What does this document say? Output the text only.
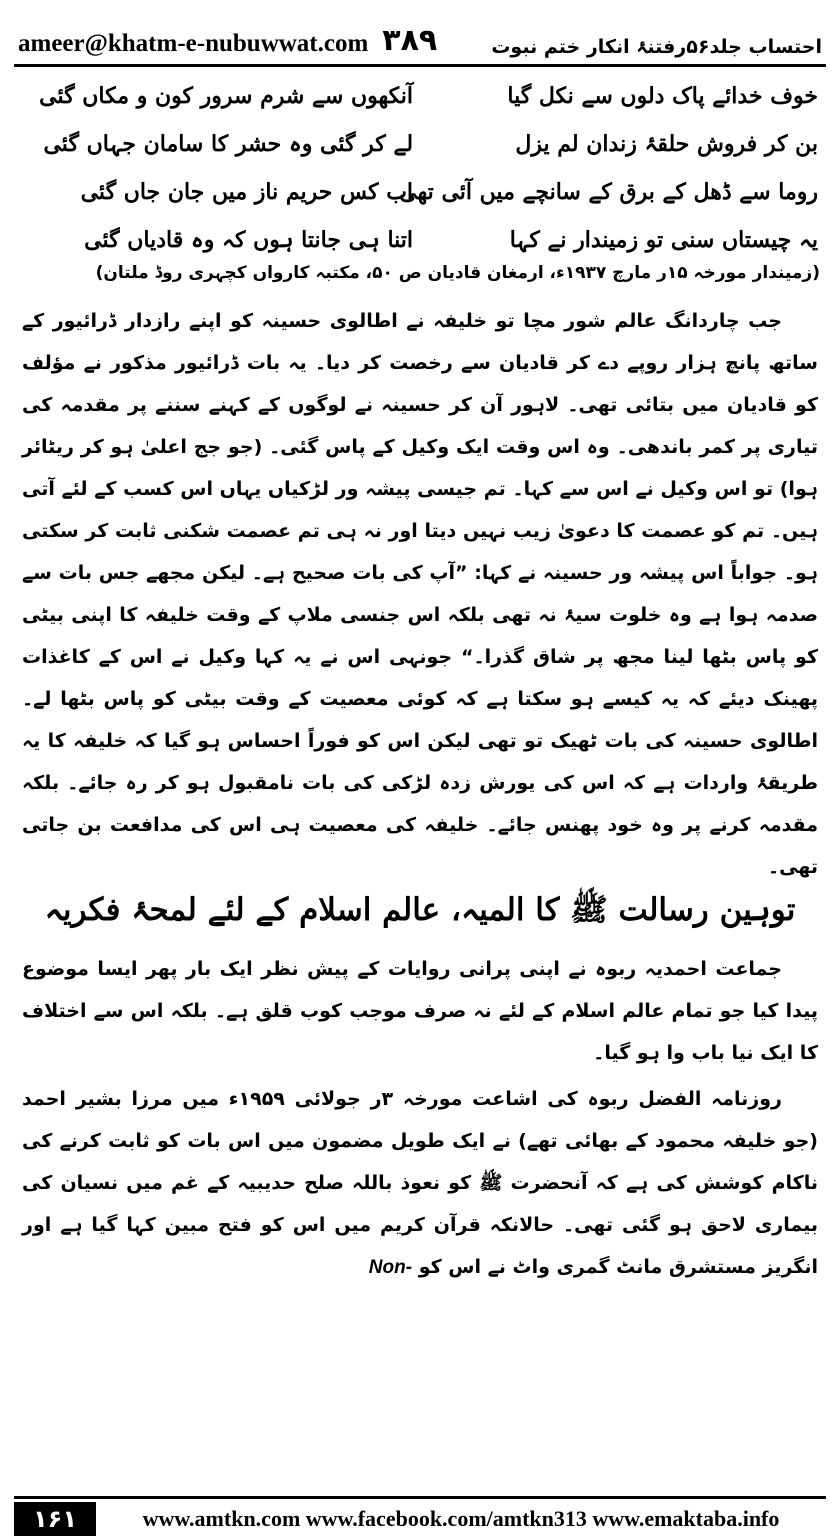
ameer@khatm-e-nubuwwat.com ۳۸۹	احتساب جلد۵۶رفتنۂ انکار ختم نبوت
خوف خدائے پاک دلوں سے نکل گیا
آنکھوں سے شرم سرور کون و مکاں گئی
بن کر فروش حلقۂ زندان لم یزل
لے کر گئی وہ حشر کا سامان جہاں گئی
روما سے ڈھل کے برق کے سانچے میں آئی تھی
اب کس حریم ناز میں جان جاں گئی
یہ چیستاں سنی تو زمیندار نے کہا
اتنا ہی جانتا ہوں کہ وہ قادیاں گئی
(زمیندار مورخہ ۱۵ر مارچ ۱۹۳۷ء، ارمغان قادیان ص ۵۰، مکتبہ کارواں کچہری روڈ ملتان)

جب چاردانگ عالم شور مچا تو خلیفہ نے اطالوی حسینہ کو اپنے رازدار ڈرائیور کے ساتھ پانچ ہزار روپے دے کر قادیان سے رخصت کر دیا۔ یہ بات ڈرائیور مذکور نے مؤلف کو قادیان میں بتائی تھی۔ لاہور آن کر حسینہ نے لوگوں کے کہنے سننے پر مقدمہ کی تیاری پر کمر باندھی۔ وہ اس وقت ایک وکیل کے پاس گئی۔ (جو جج اعلیٰ ہو کر ریٹائر ہوا) تو اس وکیل نے اس سے کہا۔ تم جیسی پیشہ ور لڑکیاں یہاں اس کسب کے لئے آتی ہیں۔ تم کو عصمت کا دعویٰ زیب نہیں دیتا اور نہ ہی تم عصمت شکنی ثابت کر سکتی ہو۔ جواباً اس پیشہ ور حسینہ نے کہا: ”آپ کی بات صحیح ہے۔ لیکن مجھے جس بات سے صدمہ ہوا ہے وہ خلوت سیۂ نہ تھی بلکہ اس جنسی ملاپ کے وقت خلیفہ کا اپنی بیٹی کو پاس بٹھا لینا مجھ پر شاق گذرا۔“ جونہی اس نے یہ کہا وکیل نے اس کے کاغذات پھینک دیئے کہ یہ کیسے ہو سکتا ہے کہ کوئی معصیت کے وقت بیٹی کو پاس بٹھا لے۔ اطالوی حسینہ کی بات ٹھیک تو تھی لیکن اس کو فوراً احساس ہو گیا کہ خلیفہ کا یہ طریقۂ واردات ہے کہ اس کی یورش زدہ لڑکی کی بات نامقبول ہو کر رہ جائے۔ بلکہ مقدمہ کرنے پر وہ خود پھنس جائے۔ خلیفہ کی معصیت ہی اس کی مدافعت بن جاتی تھی۔

توہین رسالت ﷺ کا المیہ، عالم اسلام کے لئے لمحۂ فکریہ

جماعت احمدیہ ربوہ نے اپنی پرانی روایات کے پیش نظر ایک بار پھر ایسا موضوع پیدا کیا جو تمام عالم اسلام کے لئے نہ صرف موجب کوب قلق ہے۔ بلکہ اس سے اختلاف کا ایک نیا باب وا ہو گیا۔

روزنامہ الفضل ربوہ کی اشاعت مورخہ ۳ر جولائی ۱۹۵۹ء میں مرزا بشیر احمد (جو خلیفہ محمود کے بھائی تھے) نے ایک طویل مضمون میں اس بات کو ثابت کرنے کی ناکام کوشش کی ہے کہ آنحضرت ﷺ کو نعوذ باللہ صلح حدیبیہ کے غم میں نسیان کی بیماری لاحق ہو گئی تھی۔ حالانکہ قرآن کریم میں اس کو فتح مبین کہا گیا ہے اور انگریز مستشرق مانٹ گمری واٹ نے اس کو Non-

۱۶۱	www.amtkn.com www.facebook.com/amtkn313 www.emaktaba.info
